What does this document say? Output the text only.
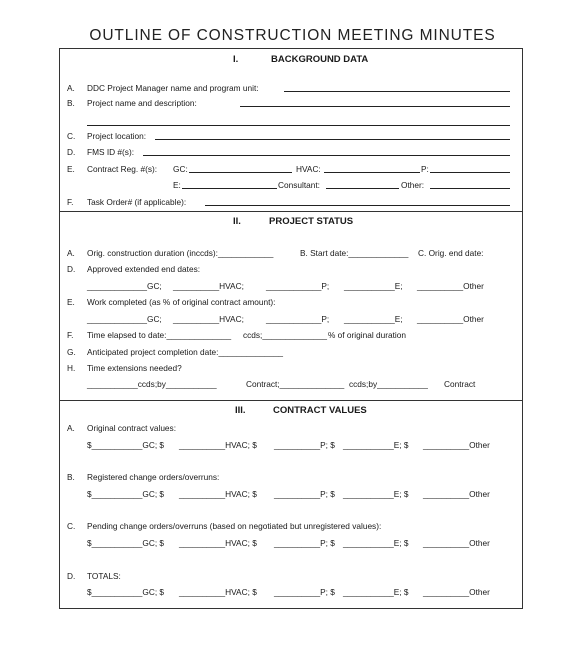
OUTLINE OF CONSTRUCTION MEETING MINUTES
I.	BACKGROUND DATA
A. DDC Project Manager name and program unit:
B. Project name and description:
C. Project location:
D. FMS ID #(s):
E. Contract Reg. #(s): GC:	HVAC:	P:
E:	Consultant:	Other:
F. Task Order# (if applicable):
II.	PROJECT STATUS
A. Orig. construction duration (inccds):____________	B. Start date:_____________ C. Orig. end date:
D. Approved extended end dates:
_____________GC; __________HVAC;	____________P; ___________E; __________Other
E. Work completed (as % of original contract amount):
_____________GC; __________HVAC;	____________P; ___________E; __________Other
F. Time elapsed to date:______________ ccds;______________ % of original duration
G. Anticipated project completion date:______________
H. Time extensions needed?
___________ccds;by___________	Contract;______________ ccds;by___________ Contract
III.	CONTRACT VALUES
A. Original contract values:
$___________GC; $ __________HVAC; $ __________P; $ ___________E; $ __________Other
B. Registered change orders/overruns:
$___________GC; $ __________HVAC; $ __________P; $ ___________E; $ __________Other
C. Pending change orders/overruns (based on negotiated but unregistered values):
$___________GC; $ __________HVAC; $ __________P; $ ___________E; $ __________Other
D. TOTALS:
$___________GC; $ __________HVAC; $ __________P; $ ___________E; $ __________Other
